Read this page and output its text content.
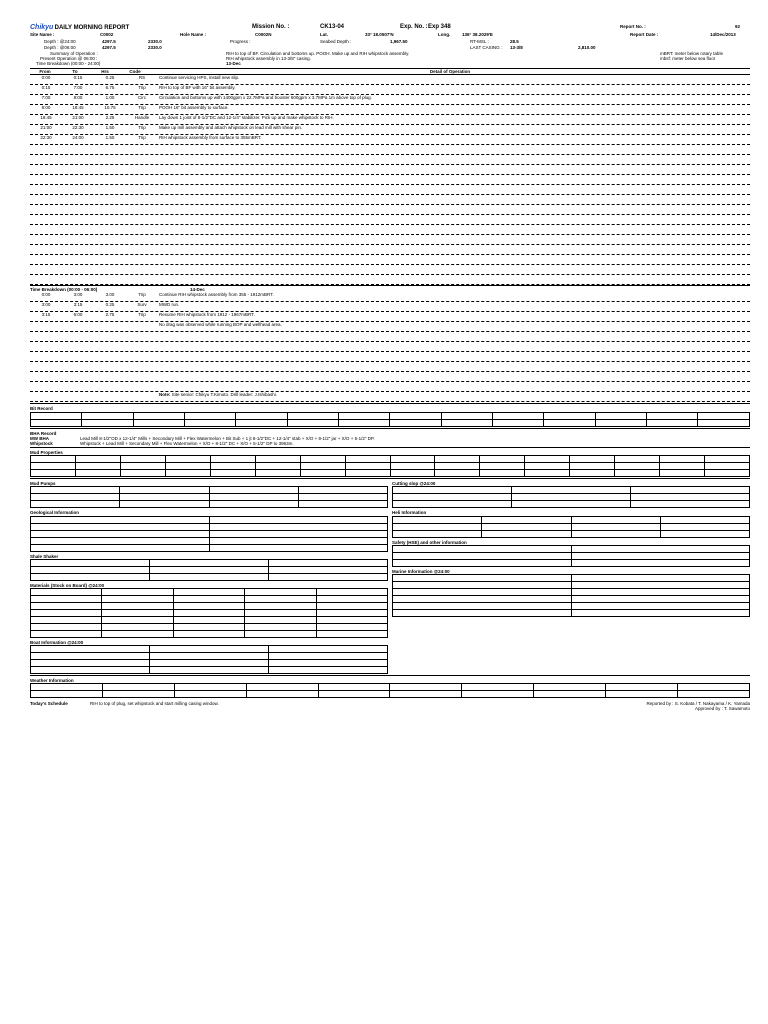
Chikyu DAILY MORNING REPORT	Mission No. :	CK13-04	Exp. No. : Exp 348	Report No. :	92
Site Name :	C0002	Hole Name :	C0002N	Lat.	33° 18.0507'N	Long.	136° 38.2029'E	Report Date :	14/Dec/2013
Depth : @24:00	4297.5	2330.0
Depth : @06:00	4297.5	2330.0
Progress :	Seabed Depth :	1,967.50	RT-MSL :	28.5
LAST CASING : 13-3/8	2,810.00
mBRT: meter below rotary table
mbsf: meter below sea floor
Summary of Operation :	RIH to top of BF. Circulation and bottoms up. POOH. Make up and RIH whipstock assembly.
Present Operation @ 06:00 :	RIH whipstock assembly in 13-3/8" casing.
Time Breakdown (00:00 - 24:00)	13-Dec
From	To	Hrs	Code	Detail of Operation
0:00	0:15	0.25	RS	Continue servicing HPS, install new slip.
0:15	7:00	6.75	Trip	RIH to top of BF with 16" bit assembly.
7:00	8:00	1.00	Circ	Circulation and bottoms up with 1400gpm x 22.7MPa and booster 600gpm x 3.7MPa 1m above top of plug.
8:00	18:45	10.75	Trip	POOH 16" bit assembly to surface.
18:45	21:00	2.25	Handle	Lay down 1 joint of 8-1/2"DC and 12-1/4" stabilizer. Pick up and make whipstock to RIH.
21:00	22:30	1.50	Trip	Make up mill assembly and attach whipstock on lead mill with shear pin.
22:30	24:00	1.50	Trip	RIH whipstock assembly from surface to 355mBRT.
Time Breakdown (00:00 - 06:00)	14-Dec
0:00	3:00	3.00	Trip	Continue RIH whipstock assembly from 355 - 1912mBRT.
3:00	3:15	0.25	Surv	MWD run.
3:15	6:00	2.75	Trip	Resume RIH whipstock from 1912 - 1967mBRT.
No drag was observed while running BOP and wellhead area.
Note: Site senior: Chikyu T.Kimoto. Drill leader: J.Ishibashi.
Bit Record

BHA Record
MW BHA	Lead Mill 8-1/2"OD x 12-1/4" Mills + Secondary Mill + Flex Watermelon + Bit Sub + 1 jt 8-1/2"DC + 12-1/4" stab + X/O + 9-1/2" jar + X/O + 5-1/2" DP.
Whipstock	Whipstock + Lead Mill + Secondary Mill + Flex Watermelon + X/O + 8-1/2" DC + X/O + 5-1/2" DP to 3963m.
Mud Properties

Mud Pumps

Geological Information

Shale Shaker

Materials (Stock on Board) @24:00

Boat Information @24:00

Cutting slop @24:00

Heli Information

Safety (HSE) and other information

Marine Information @24:00

Weather Information

Today's Schedule	RIH to top of plug, set whipstock and start milling casing window.	Reported by : S. Kobata / T. Nakayama / K. Yamada
Approved by : T. Sawamoto
